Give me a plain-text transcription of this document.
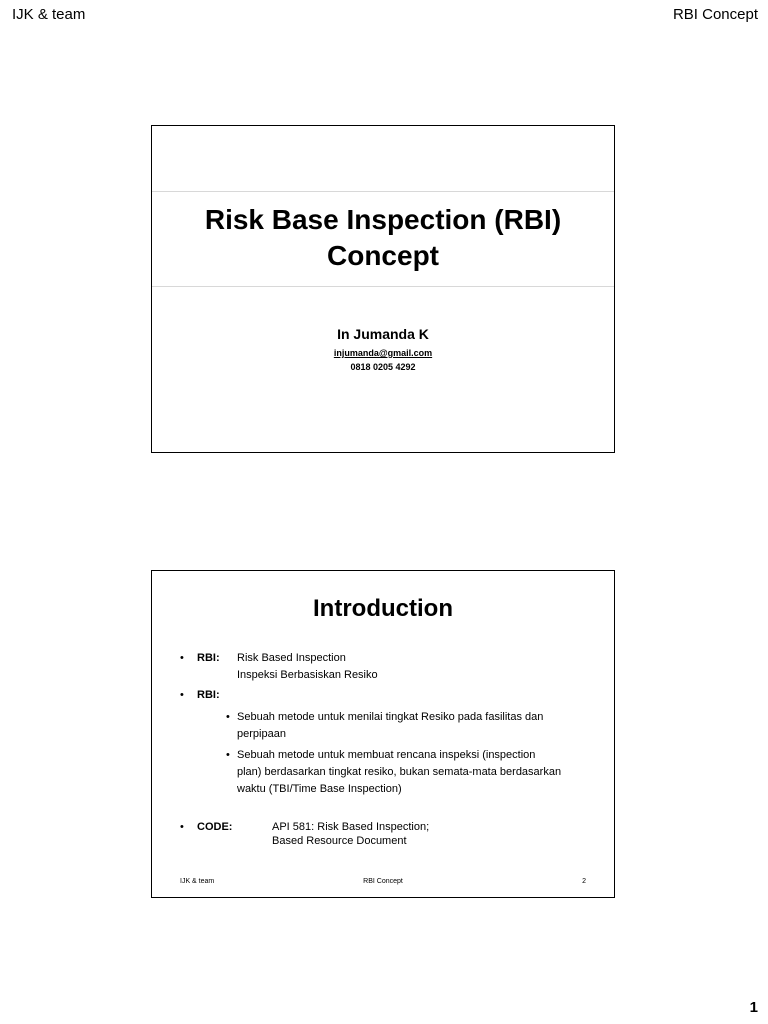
IJK & team	RBI Concept
Risk Base Inspection (RBI)
Concept
In Jumanda K
injumanda@gmail.com
0818 0205 4292
Introduction
• RBI: Risk Based Inspection
Inspeksi Berbasiskan Resiko
• RBI:
• Sebuah metode untuk menilai tingkat Resiko pada fasilitas dan
perpipaan
• Sebuah metode untuk membuat rencana inspeksi (inspection
plan) berdasarkan tingkat resiko, bukan semata-mata berdasarkan
waktu (TBI/Time Base Inspection)
• CODE:	API 581: Risk Based Inspection;
Based Resource Document
IJK & team	RBI Concept	2
1
